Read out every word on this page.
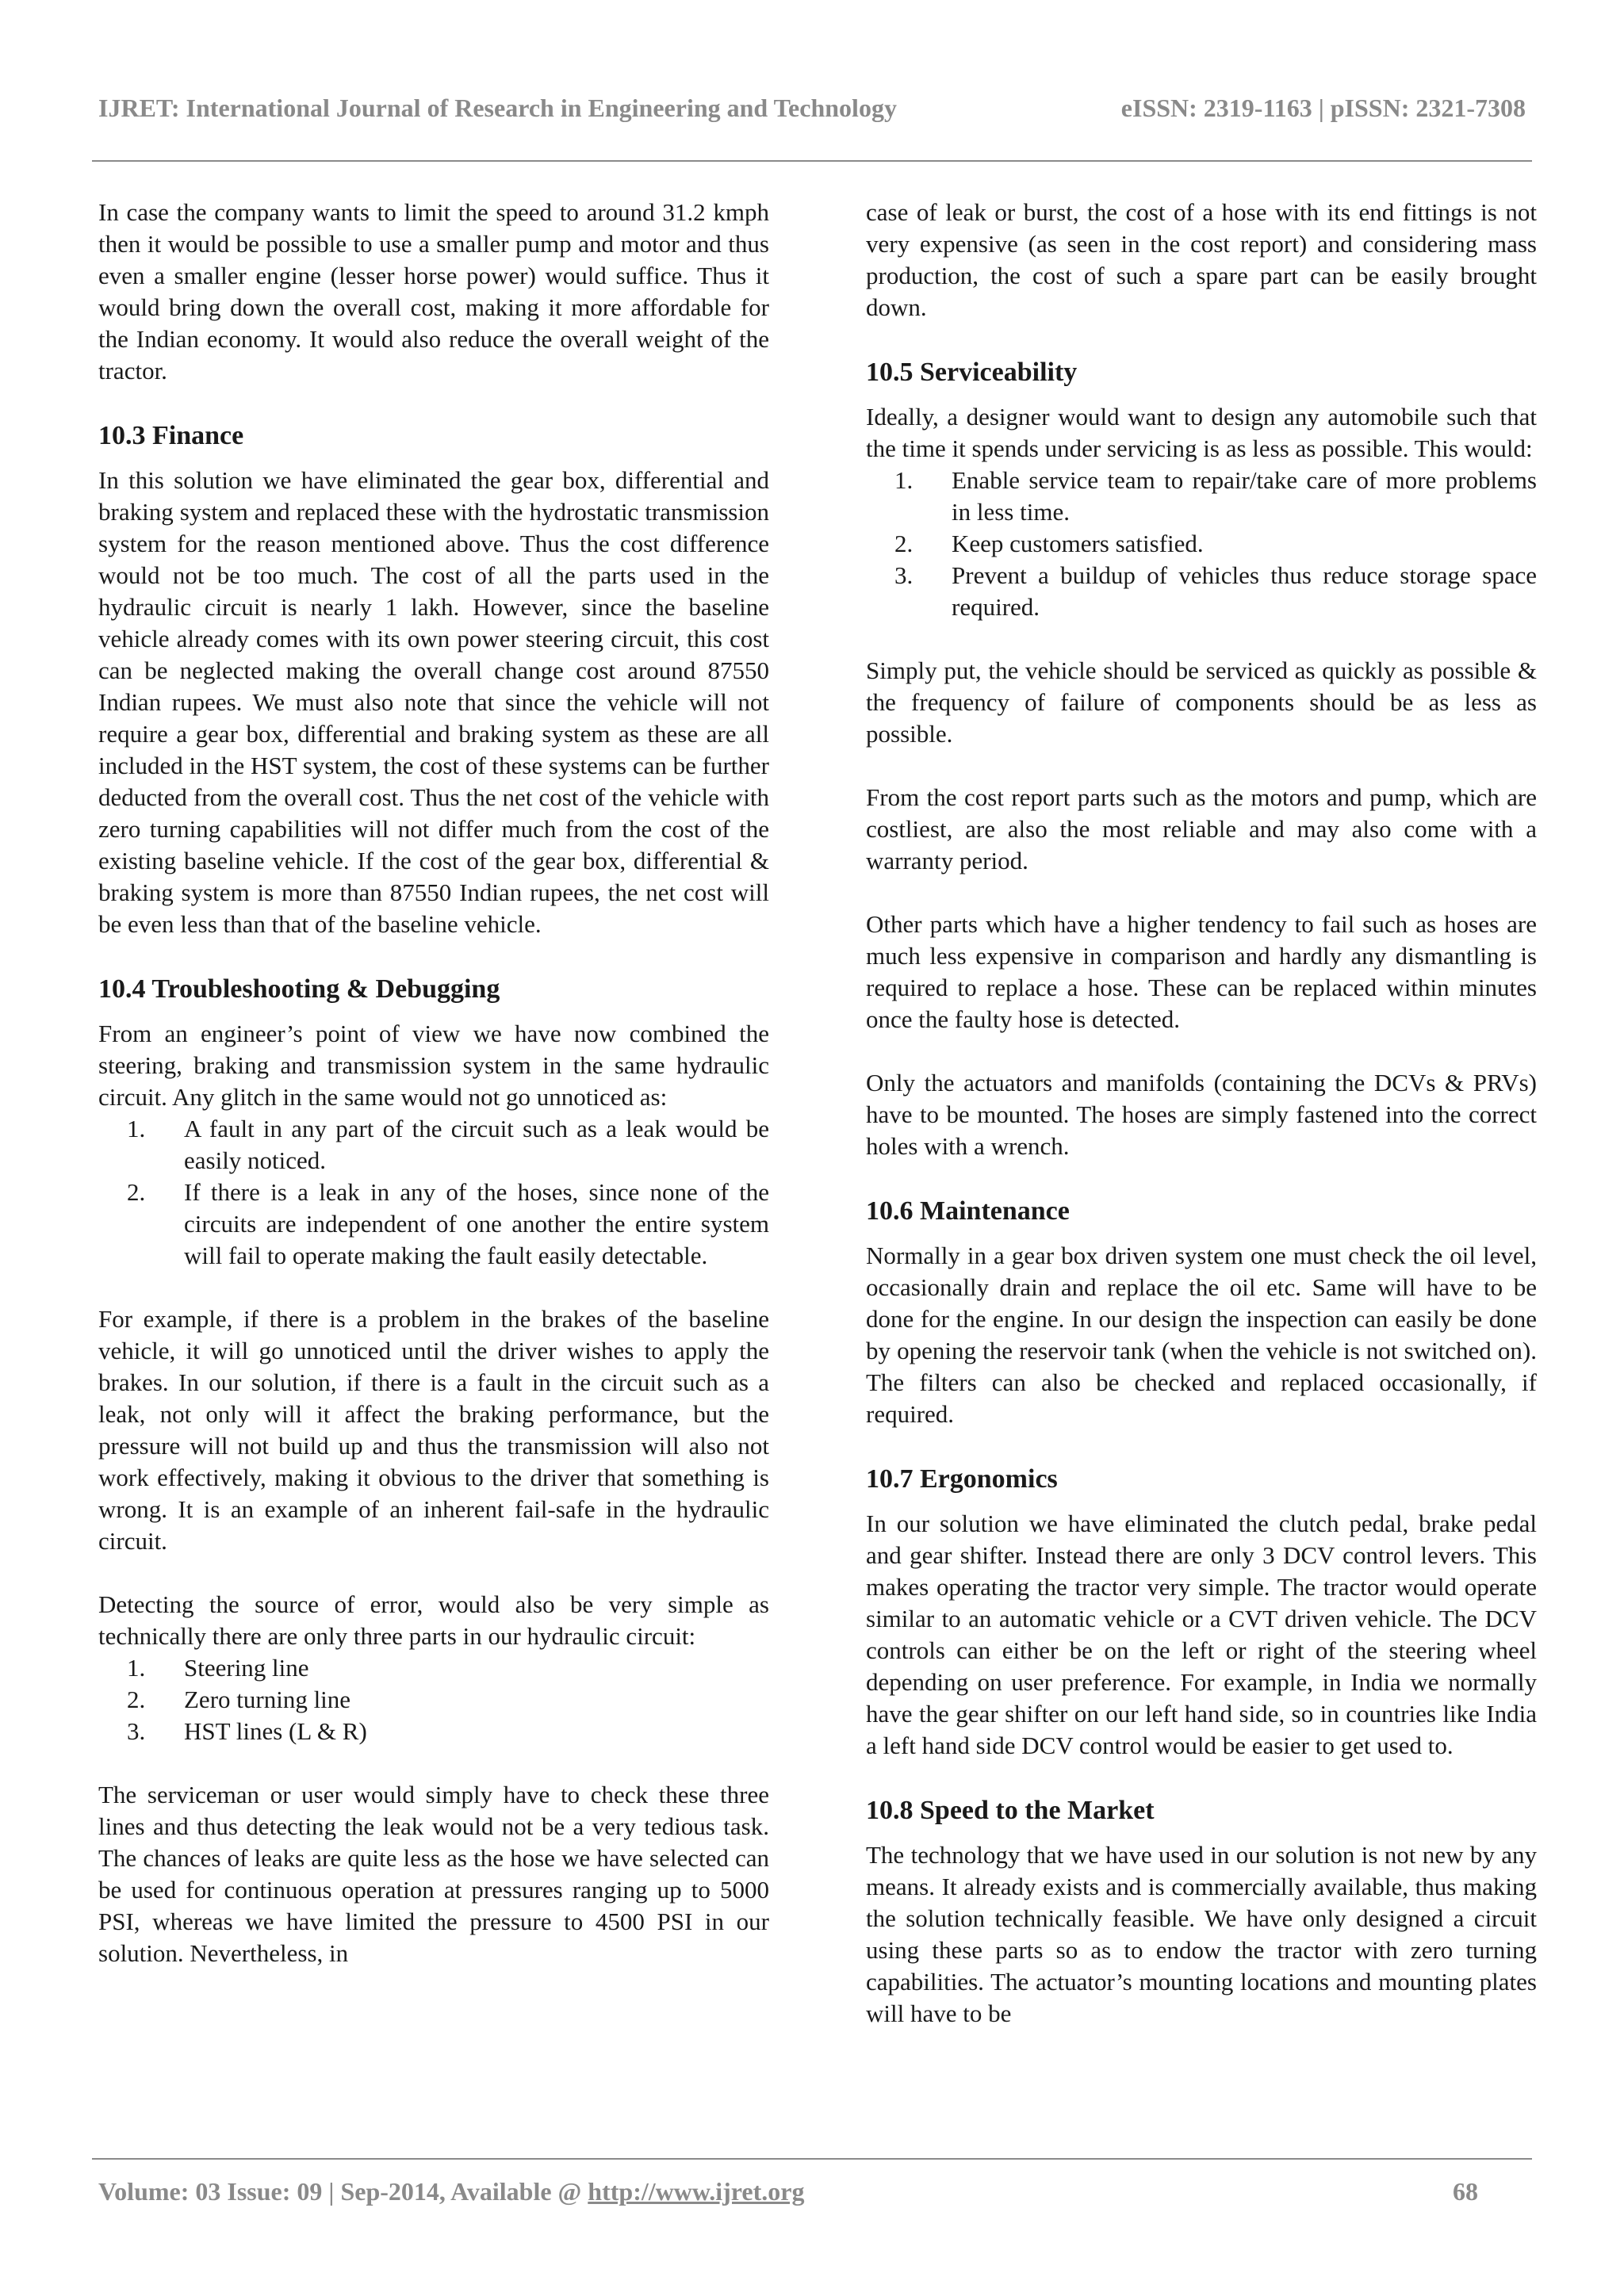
IJRET: International Journal of Research in Engineering and Technology	eISSN: 2319-1163 | pISSN: 2321-7308

In case the company wants to limit the speed to around 31.2 kmph then it would be possible to use a smaller pump and motor and thus even a smaller engine (lesser horse power) would suffice. Thus it would bring down the overall cost, making it more affordable for the Indian economy. It would also reduce the overall weight of the tractor.

10.3 Finance

In this solution we have eliminated the gear box, differential and braking system and replaced these with the hydrostatic transmission system for the reason mentioned above. Thus the cost difference would not be too much. The cost of all the parts used in the hydraulic circuit is nearly 1 lakh. However, since the baseline vehicle already comes with its own power steering circuit, this cost can be neglected making the overall change cost around 87550 Indian rupees. We must also note that since the vehicle will not require a gear box, differential and braking system as these are all included in the HST system, the cost of these systems can be further deducted from the overall cost. Thus the net cost of the vehicle with zero turning capabilities will not differ much from the cost of the existing baseline vehicle. If the cost of the gear box, differential & braking system is more than 87550 Indian rupees, the net cost will be even less than that of the baseline vehicle.

10.4 Troubleshooting & Debugging

From an engineer’s point of view we have now combined the steering, braking and transmission system in the same hydraulic circuit. Any glitch in the same would not go unnoticed as:

1. A fault in any part of the circuit such as a leak would be easily noticed.
2. If there is a leak in any of the hoses, since none of the circuits are independent of one another the entire system will fail to operate making the fault easily detectable.

For example, if there is a problem in the brakes of the baseline vehicle, it will go unnoticed until the driver wishes to apply the brakes. In our solution, if there is a fault in the circuit such as a leak, not only will it affect the braking performance, but the pressure will not build up and thus the transmission will also not work effectively, making it obvious to the driver that something is wrong. It is an example of an inherent fail-safe in the hydraulic circuit.

Detecting the source of error, would also be very simple as technically there are only three parts in our hydraulic circuit:

1. Steering line
2. Zero turning line
3. HST lines (L & R)

The serviceman or user would simply have to check these three lines and thus detecting the leak would not be a very tedious task. The chances of leaks are quite less as the hose we have selected can be used for continuous operation at pressures ranging up to 5000 PSI, whereas we have limited the pressure to 4500 PSI in our solution. Nevertheless, in

case of leak or burst, the cost of a hose with its end fittings is not very expensive (as seen in the cost report) and considering mass production, the cost of such a spare part can be easily brought down.

10.5 Serviceability

Ideally, a designer would want to design any automobile such that the time it spends under servicing is as less as possible. This would:

1. Enable service team to repair/take care of more problems in less time.
2. Keep customers satisfied.
3. Prevent a buildup of vehicles thus reduce storage space required.

Simply put, the vehicle should be serviced as quickly as possible & the frequency of failure of components should be as less as possible.

From the cost report parts such as the motors and pump, which are costliest, are also the most reliable and may also come with a warranty period.

Other parts which have a higher tendency to fail such as hoses are much less expensive in comparison and hardly any dismantling is required to replace a hose. These can be replaced within minutes once the faulty hose is detected.

Only the actuators and manifolds (containing the DCVs & PRVs) have to be mounted. The hoses are simply fastened into the correct holes with a wrench.

10.6 Maintenance

Normally in a gear box driven system one must check the oil level, occasionally drain and replace the oil etc. Same will have to be done for the engine. In our design the inspection can easily be done by opening the reservoir tank (when the vehicle is not switched on). The filters can also be checked and replaced occasionally, if required.

10.7 Ergonomics

In our solution we have eliminated the clutch pedal, brake pedal and gear shifter. Instead there are only 3 DCV control levers. This makes operating the tractor very simple. The tractor would operate similar to an automatic vehicle or a CVT driven vehicle. The DCV controls can either be on the left or right of the steering wheel depending on user preference. For example, in India we normally have the gear shifter on our left hand side, so in countries like India a left hand side DCV control would be easier to get used to.

10.8 Speed to the Market

The technology that we have used in our solution is not new by any means. It already exists and is commercially available, thus making the solution technically feasible. We have only designed a circuit using these parts so as to endow the tractor with zero turning capabilities. The actuator’s mounting locations and mounting plates will have to be

Volume: 03 Issue: 09 | Sep-2014, Available @ http://www.ijret.org	68
